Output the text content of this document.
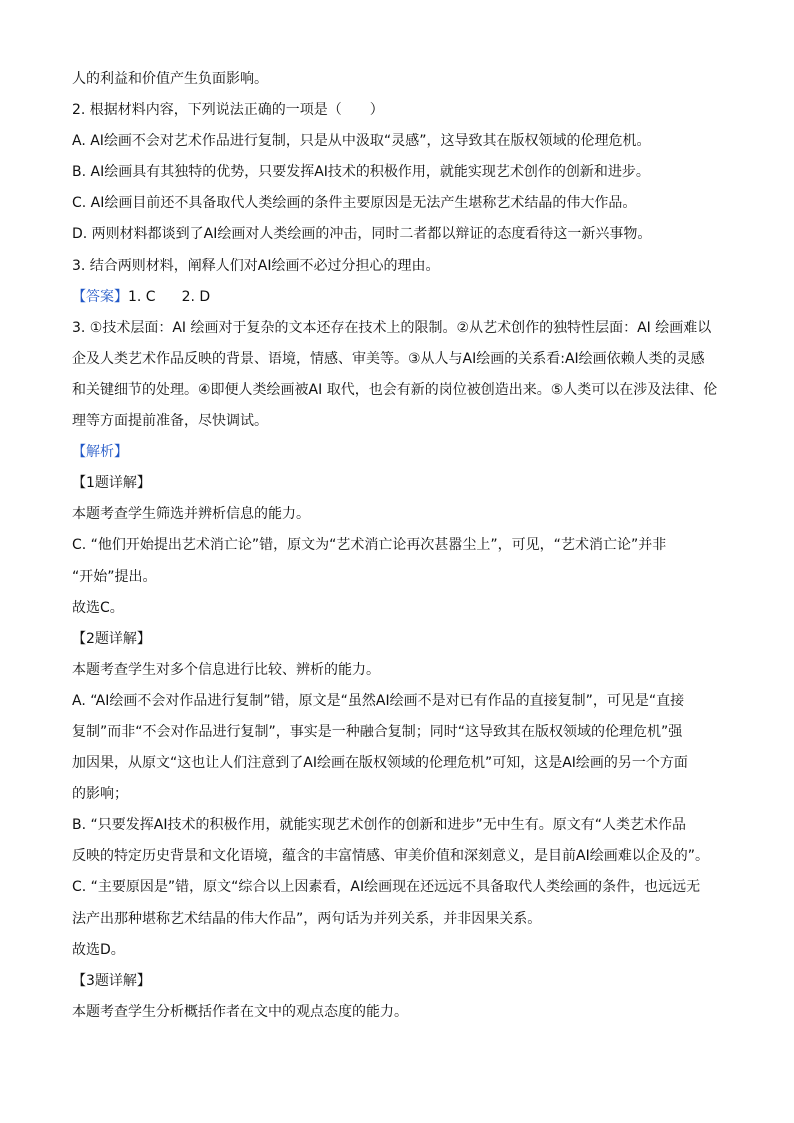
人的利益和价值产生负面影响。

2. 根据材料内容，下列说法正确的一项是（　　）

A. AI绘画不会对艺术作品进行复制，只是从中汲取“灵感”，这导致其在版权领域的伦理危机。

B. AI绘画具有其独特的优势，只要发挥AI技术的积极作用，就能实现艺术创作的创新和进步。

C. AI绘画目前还不具备取代人类绘画的条件主要原因是无法产生堪称艺术结晶的伟大作品。

D. 两则材料都谈到了AI绘画对人类绘画的冲击，同时二者都以辩证的态度看待这一新兴事物。

3. 结合两则材料，阐释人们对AI绘画不必过分担心的理由。

【答案】1. C 2. D

3. ①技术层面：AI 绘画对于复杂的文本还存在技术上的限制。②从艺术创作的独特性层面：AI 绘画难以

企及人类艺术作品反映的背景、语境，情感、审美等。③从人与AI绘画的关系看:AI绘画依赖人类的灵感

和关键细节的处理。④即便人类绘画被AI 取代，也会有新的岗位被创造出来。⑤人类可以在涉及法律、伦

理等方面提前准备，尽快调试。

【解析】

【1题详解】

本题考查学生筛选并辨析信息的能力。

C. “他们开始提出艺术消亡论”错，原文为“艺术消亡论再次甚嚣尘上”，可见，“艺术消亡论”并非

“开始”提出。

故选C。

【2题详解】

本题考查学生对多个信息进行比较、辨析的能力。

A. “AI绘画不会对作品进行复制”错，原文是“虽然AI绘画不是对已有作品的直接复制”，可见是“直接

复制”而非“不会对作品进行复制”，事实是一种融合复制；同时“这导致其在版权领域的伦理危机”强

加因果，从原文“这也让人们注意到了AI绘画在版权领域的伦理危机”可知，这是AI绘画的另一个方面

的影响；

B. “只要发挥AI技术的积极作用，就能实现艺术创作的创新和进步”无中生有。原文有“人类艺术作品

反映的特定历史背景和文化语境，蕴含的丰富情感、审美价值和深刻意义，是目前AI绘画难以企及的”。

C. “主要原因是”错，原文“综合以上因素看，AI绘画现在还远远不具备取代人类绘画的条件，也远远无

法产出那种堪称艺术结晶的伟大作品”，两句话为并列关系，并非因果关系。

故选D。

【3题详解】

本题考查学生分析概括作者在文中的观点态度的能力。
